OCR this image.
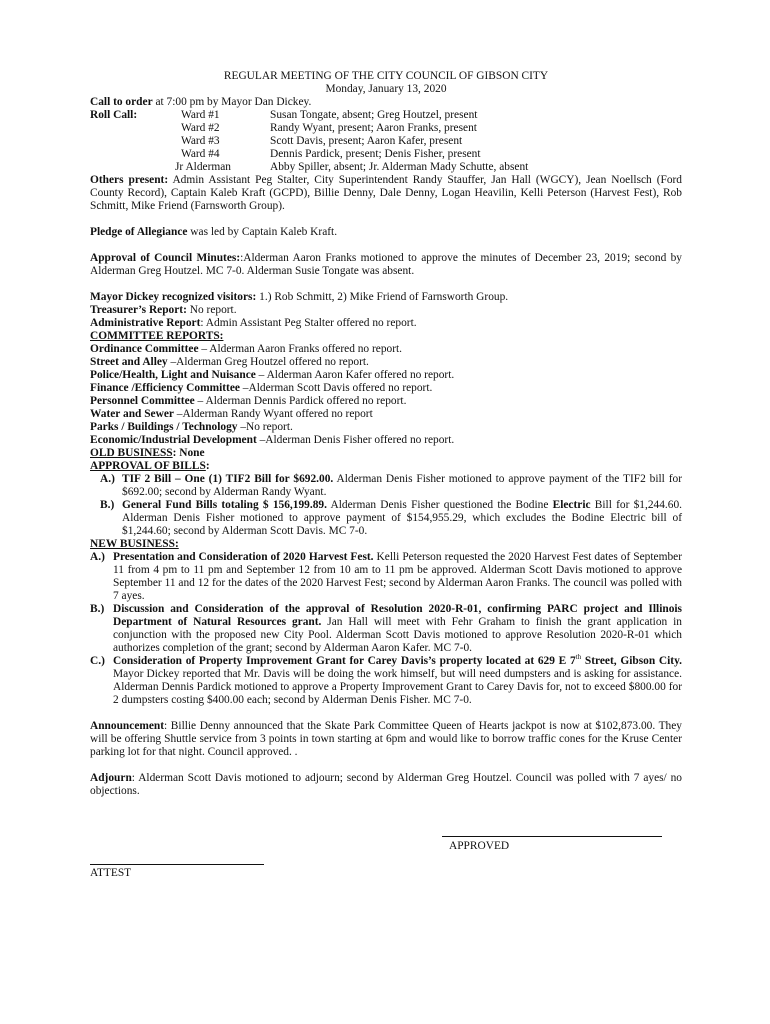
REGULAR MEETING OF THE CITY COUNCIL OF GIBSON CITY

Monday, January 13, 2020

Call to order at 7:00 pm by Mayor Dan Dickey.

Roll Call:	Ward #1	Susan Tongate, absent; Greg Houtzel, present
Ward #2	Randy Wyant, present; Aaron Franks, present
Ward #3	Scott Davis, present; Aaron Kafer, present
Ward #4	Dennis Pardick, present; Denis Fisher, present
Jr Alderman	Abby Spiller, absent; Jr. Alderman Mady Schutte, absent

Others present: Admin Assistant Peg Stalter, City Superintendent Randy Stauffer, Jan Hall (WGCY), Jean Noellsch (Ford County Record), Captain Kaleb Kraft (GCPD), Billie Denny, Dale Denny, Logan Heavilin, Kelli Peterson (Harvest Fest), Rob Schmitt, Mike Friend (Farnsworth Group).

Pledge of Allegiance was led by Captain Kaleb Kraft.

Approval of Council Minutes::Alderman Aaron Franks motioned to approve the minutes of December 23, 2019; second by Alderman Greg Houtzel. MC 7-0. Alderman Susie Tongate was absent.

Mayor Dickey recognized visitors: 1.) Rob Schmitt, 2) Mike Friend of Farnsworth Group.

Treasurer’s Report: No report.

Administrative Report: Admin Assistant Peg Stalter offered no report.

COMMITTEE REPORTS:

Ordinance Committee – Alderman Aaron Franks offered no report.

Street and Alley –Alderman Greg Houtzel offered no report.

Police/Health, Light and Nuisance – Alderman Aaron Kafer offered no report.

Finance /Efficiency Committee –Alderman Scott Davis offered no report.

Personnel Committee – Alderman Dennis Pardick offered no report.

Water and Sewer –Alderman Randy Wyant offered no report

Parks / Buildings / Technology –No report.

Economic/Industrial Development –Alderman Denis Fisher offered no report.

OLD BUSINESS: None

APPROVAL OF BILLS:

A.) TIF 2 Bill – One (1) TIF2 Bill for $692.00. Alderman Denis Fisher motioned to approve payment of the TIF2 bill for $692.00; second by Alderman Randy Wyant.
B.) General Fund Bills totaling $ 156,199.89. Alderman Denis Fisher questioned the Bodine Electric Bill for $1,244.60. Alderman Denis Fisher motioned to approve payment of $154,955.29, which excludes the Bodine Electric bill of $1,244.60; second by Alderman Scott Davis. MC 7-0.

NEW BUSINESS:

A.) Presentation and Consideration of 2020 Harvest Fest. Kelli Peterson requested the 2020 Harvest Fest dates of September 11 from 4 pm to 11 pm and September 12 from 10 am to 11 pm be approved. Alderman Scott Davis motioned to approve September 11 and 12 for the dates of the 2020 Harvest Fest; second by Alderman Aaron Franks. The council was polled with 7 ayes.
B.) Discussion and Consideration of the approval of Resolution 2020-R-01, confirming PARC project and Illinois Department of Natural Resources grant. Jan Hall will meet with Fehr Graham to finish the grant application in conjunction with the proposed new City Pool. Alderman Scott Davis motioned to approve Resolution 2020-R-01 which authorizes completion of the grant; second by Alderman Aaron Kafer. MC 7-0.
C.) Consideration of Property Improvement Grant for Carey Davis’s property located at 629 E 7th Street, Gibson City. Mayor Dickey reported that Mr. Davis will be doing the work himself, but will need dumpsters and is asking for assistance. Alderman Dennis Pardick motioned to approve a Property Improvement Grant to Carey Davis for, not to exceed $800.00 for 2 dumpsters costing $400.00 each; second by Alderman Denis Fisher. MC 7-0.

Announcement: Billie Denny announced that the Skate Park Committee Queen of Hearts jackpot is now at $102,873.00. They will be offering Shuttle service from 3 points in town starting at 6pm and would like to borrow traffic cones for the Kruse Center parking lot for that night. Council approved. .

Adjourn: Alderman Scott Davis motioned to adjourn; second by Alderman Greg Houtzel. Council was polled with 7 ayes/ no objections.

APPROVED
ATTEST
